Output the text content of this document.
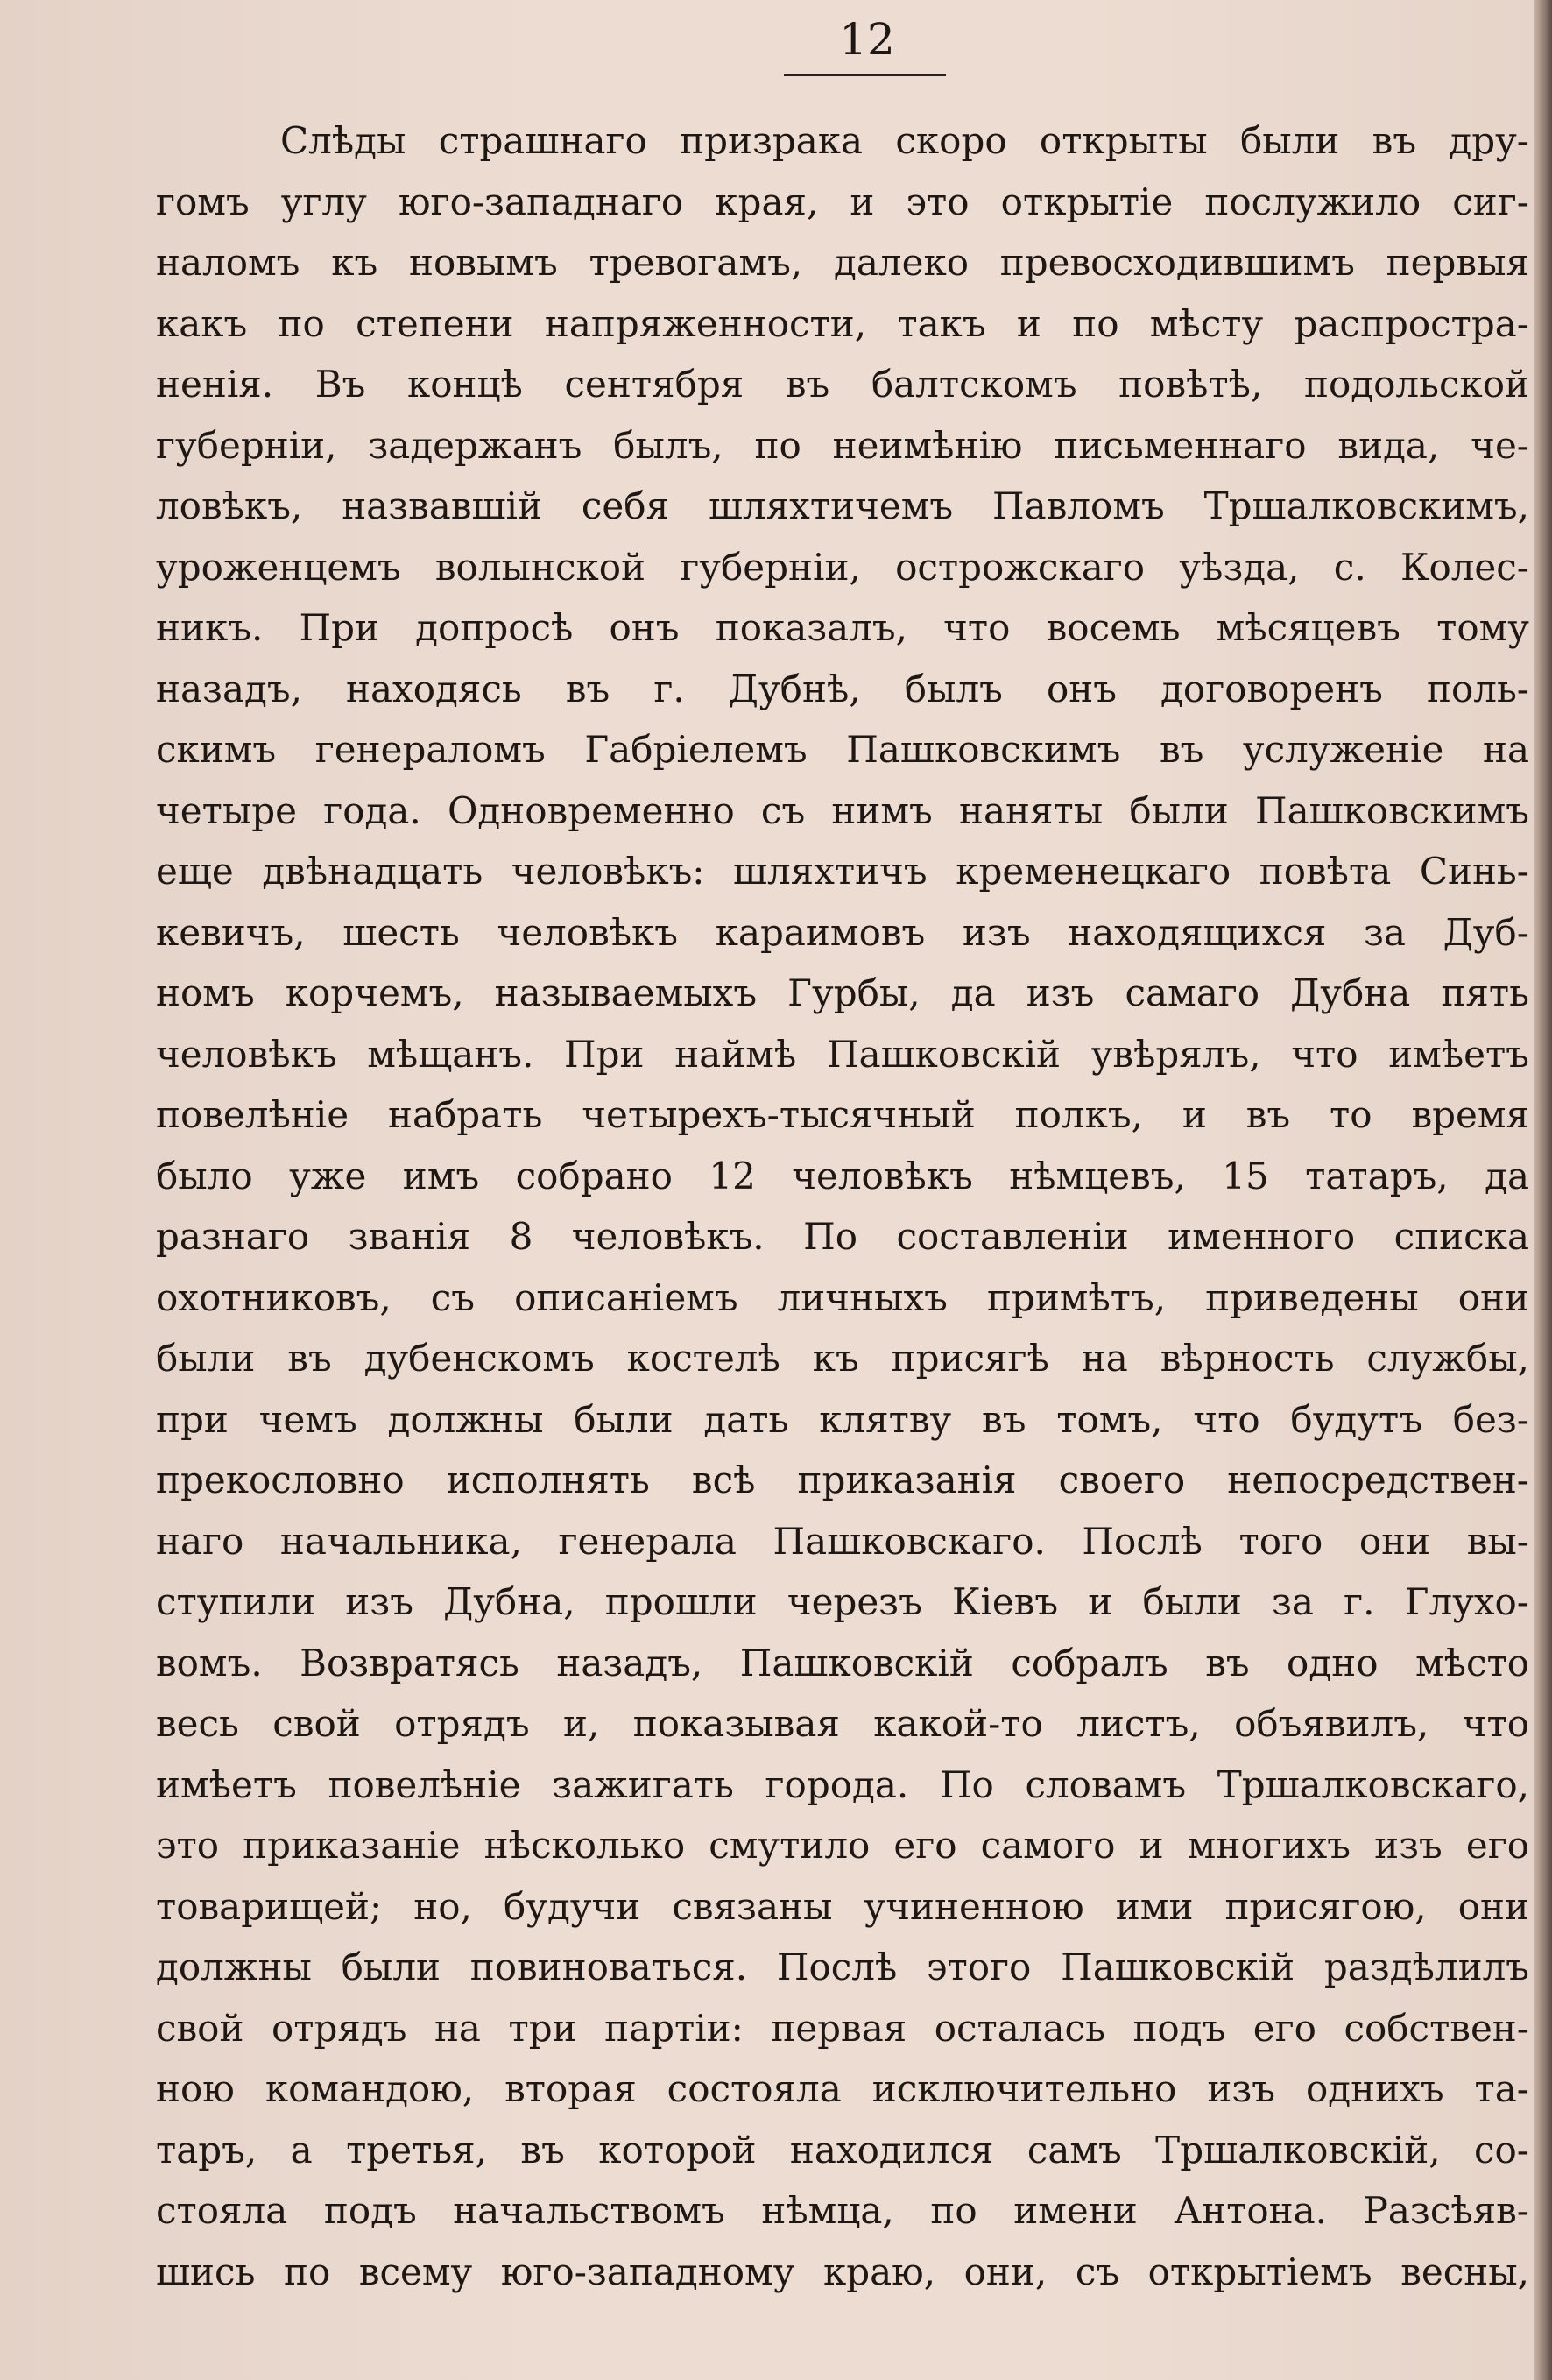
12
Слѣды страшнаго призрака скоро открыты были въ дру-
гомъ углу юго-западнаго края, и это открытіе послужило сиг-
наломъ къ новымъ тревогамъ, далеко превосходившимъ первыя
какъ по степени напряженности, такъ и по мѣсту распростра-
ненія. Въ концѣ сентября въ балтскомъ повѣтѣ, подольской
губерніи, задержанъ былъ, по неимѣнію письменнаго вида, че-
ловѣкъ, назвавшій себя шляхтичемъ Павломъ Тршалковскимъ,
уроженцемъ волынской губерніи, острожскаго уѣзда, с. Колес-
никъ. При допросѣ онъ показалъ, что восемь мѣсяцевъ тому
назадъ, находясь въ г. Дубнѣ, былъ онъ договоренъ поль-
скимъ генераломъ Габріелемъ Пашковскимъ въ услуженіе на
четыре года. Одновременно съ нимъ наняты были Пашковскимъ
еще двѣнадцать человѣкъ: шляхтичъ кременецкаго повѣта Синь-
кевичъ, шесть человѣкъ караимовъ изъ находящихся за Дуб-
номъ корчемъ, называемыхъ Гурбы, да изъ самаго Дубна пять
человѣкъ мѣщанъ. При наймѣ Пашковскій увѣрялъ, что имѣетъ
повелѣніе набрать четырехъ-тысячный полкъ, и въ то время
было уже имъ собрано 12 человѣкъ нѣмцевъ, 15 татаръ, да
разнаго званія 8 человѣкъ. По составленіи именного списка
охотниковъ, съ описаніемъ личныхъ примѣтъ, приведены они
были въ дубенскомъ костелѣ къ присягѣ на вѣрность службы,
при чемъ должны были дать клятву въ томъ, что будутъ без-
прекословно исполнять всѣ приказанія своего непосредствен-
наго начальника, генерала Пашковскаго. Послѣ того они вы-
ступили изъ Дубна, прошли черезъ Кіевъ и были за г. Глухо-
вомъ. Возвратясь назадъ, Пашковскій собралъ въ одно мѣсто
весь свой отрядъ и, показывая какой-то листъ, объявилъ, что
имѣетъ повелѣніе зажигать города. По словамъ Тршалковскаго,
это приказаніе нѣсколько смутило его самого и многихъ изъ его
товарищей; но, будучи связаны учиненною ими присягою, они
должны были повиноваться. Послѣ этого Пашковскій раздѣлилъ
свой отрядъ на три партіи: первая осталась подъ его собствен-
ною командою, вторая состояла исключительно изъ однихъ та-
таръ, а третья, въ которой находился самъ Тршалковскій, со-
стояла подъ начальствомъ нѣмца, по имени Антона. Разсѣяв-
шись по всему юго-западному краю, они, съ открытіемъ весны,
